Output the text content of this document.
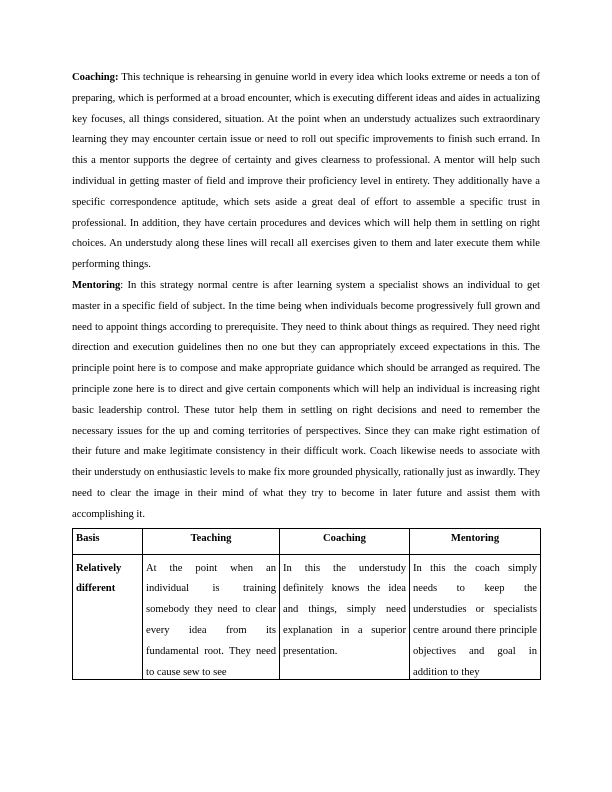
Coaching: This technique is rehearsing in genuine world in every idea which looks extreme or needs a ton of preparing, which is performed at a broad encounter, which is executing different ideas and aides in actualizing key focuses, all things considered, situation. At the point when an understudy actualizes such extraordinary learning they may encounter certain issue or need to roll out specific improvements to finish such errand. In this a mentor supports the degree of certainty and gives clearness to professional. A mentor will help such individual in getting master of field and improve their proficiency level in entirety. They additionally have a specific correspondence aptitude, which sets aside a great deal of effort to assemble a specific trust in professional. In addition, they have certain procedures and devices which will help them in settling on right choices. An understudy along these lines will recall all exercises given to them and later execute them while performing things.

Mentoring: In this strategy normal centre is after learning system a specialist shows an individual to get master in a specific field of subject. In the time being when individuals become progressively full grown and need to appoint things according to prerequisite. They need to think about things as required. They need right direction and execution guidelines then no one but they can appropriately exceed expectations in this. The principle point here is to compose and make appropriate guidance which should be arranged as required. The principle zone here is to direct and give certain components which will help an individual is increasing right basic leadership control. These tutor help them in settling on right decisions and need to remember the necessary issues for the up and coming territories of perspectives. Since they can make right estimation of their future and make legitimate consistency in their difficult work. Coach likewise needs to associate with their understudy on enthusiastic levels to make fix more grounded physically, rationally just as inwardly. They need to clear the image in their mind of what they try to become in later future and assist them with accomplishing it.

Basis	Teaching	Coaching	Mentoring

Relatively different	At the point when an individual is training somebody they need to clear every idea from its fundamental root. They need to cause sew to see	In this the understudy definitely knows the idea and things, simply need explanation in a superior presentation.	In this the coach simply needs to keep the understudies or specialists centre around there principle objectives and goal in addition to they
